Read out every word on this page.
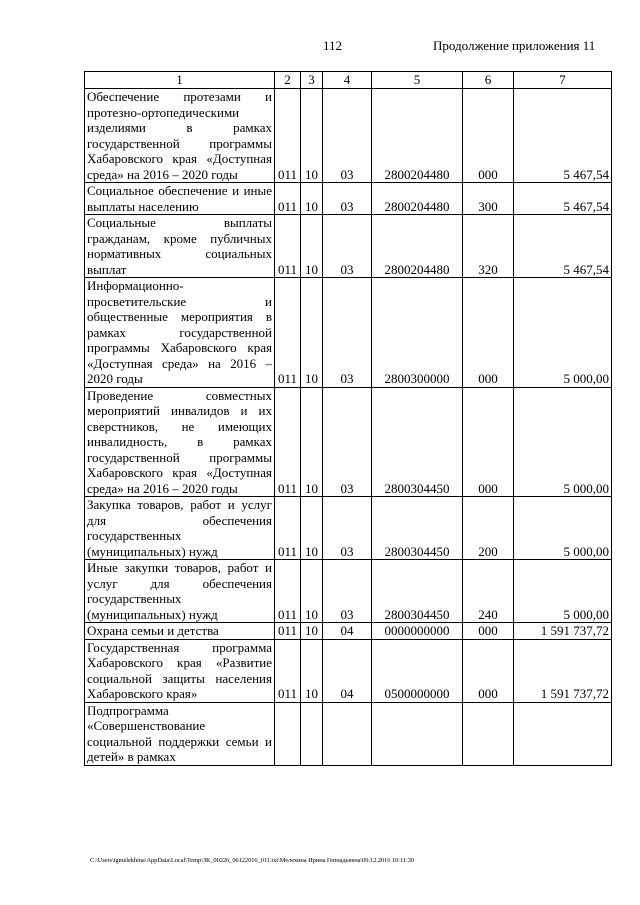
112	Продолжение приложения 11
1	2	3	4	5	6	7
Обеспечение протезами и протезно-ортопедическими изделиями в рамках государственной программы Хабаровского края «Доступная среда» на 2016 – 2020 годы	011	10	03	2800204480	000	5 467,54
Социальное обеспечение и иные выплаты населению	011	10	03	2800204480	300	5 467,54
Социальные выплаты гражданам, кроме публичных нормативных социальных выплат	011	10	03	2800204480	320	5 467,54
Информационно-просветительские и общественные мероприятия в рамках государственной программы Хабаровского края «Доступная среда» на 2016 – 2020 годы	011	10	03	2800300000	000	5 000,00
Проведение совместных мероприятий инвалидов и их сверстников, не имеющих инвалидность, в рамках государственной программы Хабаровского края «Доступная среда» на 2016 – 2020 годы	011	10	03	2800304450	000	5 000,00
Закупка товаров, работ и услуг для обеспечения государственных (муниципальных) нужд	011	10	03	2800304450	200	5 000,00
Иные закупки товаров, работ и услуг для обеспечения государственных (муниципальных) нужд	011	10	03	2800304450	240	5 000,00
Охрана семьи и детства	011	10	04	0000000000	000	1 591 737,72
Государственная программа Хабаровского края «Развитие социальной защиты населения Хабаровского края»	011	10	04	0500000000	000	1 591 737,72
Подпрограмма «Совершенствование социальной поддержки семьи и детей» в рамках						
C:\Users\igmelekhina\AppData\Local\Temp\ЗК_00226_06122016_011.txt\Мелехина Ирина Геннадьевна\09.12.2016 10:11:30
